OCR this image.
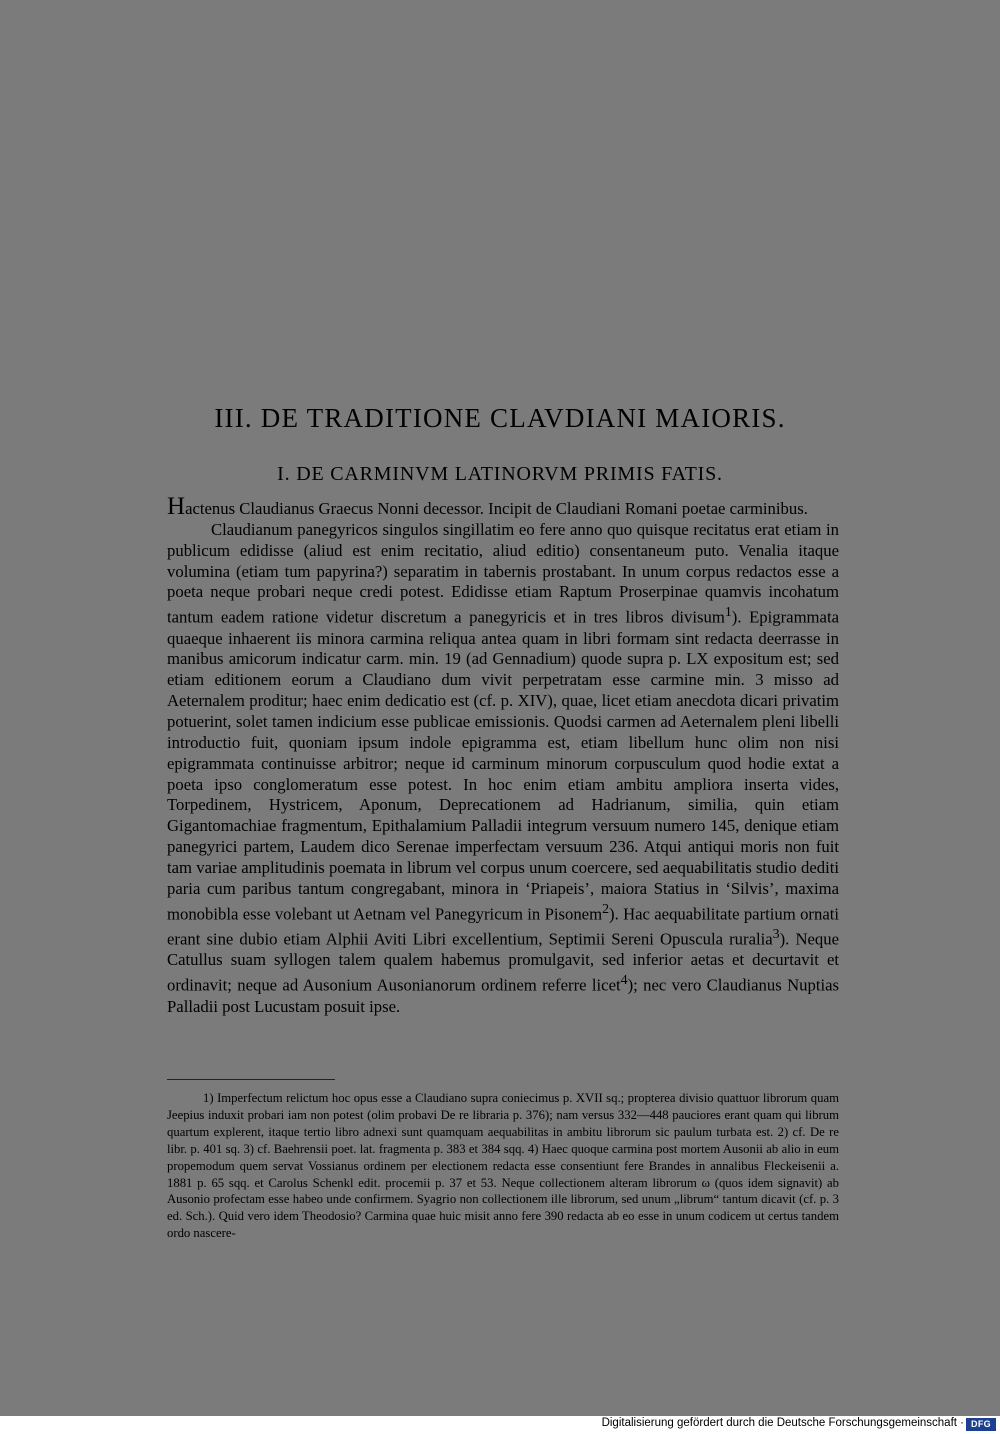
III. DE TRADITIONE CLAVDIANI MAIORIS.
I. DE CARMINVM LATINORVM PRIMIS FATIS.

Hactenus Claudianus Graecus Nonni decessor. Incipit de Claudiani Romani poetae carminibus.

Claudianum panegyricos singulos singillatim eo fere anno quo quisque recitatus erat etiam in publicum edidisse (aliud est enim recitatio, aliud editio) consentaneum puto. Venalia itaque volumina (etiam tum papyrina?) separatim in tabernis prostabant. In unum corpus redactos esse a poeta neque probari neque credi potest. Edidisse etiam Raptum Proserpinae quamvis incohatum tantum eadem ratione videtur discretum a panegyricis et in tres libros divisum$^1$). Epigrammata quaeque inhaerent iis minora carmina reliqua antea quam in libri formam sint redacta deerrasse in manibus amicorum indicatur carm. min. 19 (ad Gennadium) quode supra p. LX expositum est; sed etiam editionem eorum a Claudiano dum vivit perpetratam esse carmine min. 3 misso ad Aeternalem proditur; haec enim dedicatio est (cf. p. XIV), quae, licet etiam anecdota dicari privatim potuerint, solet tamen indicium esse publicae emissionis. Quodsi carmen ad Aeternalem pleni libelli introductio fuit, quoniam ipsum indole epigramma est, etiam libellum hunc olim non nisi epigrammata continuisse arbitror; neque id carminum minorum corpusculum quod hodie extat a poeta ipso conglomeratum esse potest. In hoc enim etiam ambitu ampliora inserta vides, Torpedinem, Hystricem, Aponum, Deprecationem ad Hadrianum, similia, quin etiam Gigantomachiae fragmentum, Epithalamium Palladii integrum versuum numero 145, denique etiam panegyrici partem, Laudem dico Serenae imperfectam versuum 236. Atqui antiqui moris non fuit tam variae amplitudinis poemata in librum vel corpus unum coercere, sed aequabilitatis studio dediti paria cum paribus tantum congregabant, minora in ‘Priapeis’, maiora Statius in ‘Silvis’, maxima monobibla esse volebant ut Aetnam vel Panegyricum in Pisonem$^2$). Hac aequabilitate partium ornati erant sine dubio etiam Alphii Aviti Libri excellentium, Septimii Sereni Opuscula ruralia$^3$). Neque Catullus suam syllogen talem qualem habemus promulgavit, sed inferior aetas et decurtavit et ordinavit; neque ad Ausonium Ausonianorum ordinem referre licet$^4$); nec vero Claudianus Nuptias Palladii post Lucustam posuit ipse.

1) Imperfectum relictum hoc opus esse a Claudiano supra coniecimus p. XVII sq.; propterea divisio quattuor librorum quam Jeepius induxit probari iam non potest (olim probavi De re libraria p. 376); nam versus 332—448 pauciores erant quam qui librum quartum explerent, itaque tertio libro adnexi sunt quamquam aequabilitas in ambitu librorum sic paulum turbata est. 2) cf. De re libr. p. 401 sq. 3) cf. Baehrensii poet. lat. fragmenta p. 383 et 384 sqq. 4) Haec quoque carmina post mortem Ausonii ab alio in eum propemodum quem servat Vossianus ordinem per electionem redacta esse consentiunt fere Brandes in annalibus Fleckeisenii a. 1881 p. 65 sqq. et Carolus Schenkl edit. procemii p. 37 et 53. Neque collectionem alteram librorum ω (quos idem signavit) ab Ausonio profectam esse habeo unde confirmem. Syagrio non collectionem ille librorum, sed unum „librum“ tantum dicavit (cf. p. 3 ed. Sch.). Quid vero idem Theodosio? Carmina quae huic misit anno fere 390 redacta ab eo esse in unum codicem ut certus tandem ordo nascere-

Digitalisierung gefördert durch die Deutsche Forschungsgemeinschaft · DFG
